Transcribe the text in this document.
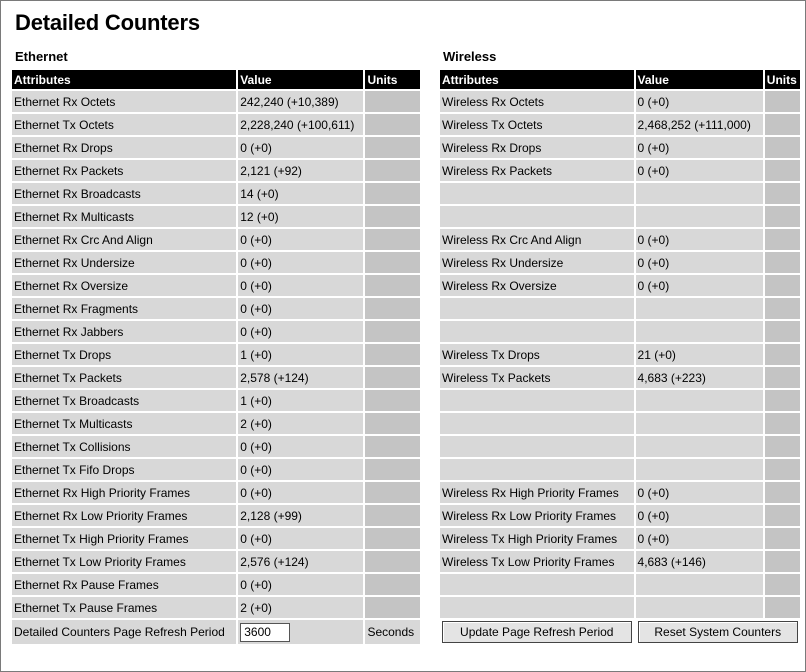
Detailed Counters
Ethernet	Wireless
Attributes	Value	Units
Ethernet Rx Octets	242,240 (+10,389)	
Ethernet Tx Octets	2,228,240 (+100,611)	
Ethernet Rx Drops	0 (+0)	
Ethernet Rx Packets	2,121 (+92)	
Ethernet Rx Broadcasts	14 (+0)	
Ethernet Rx Multicasts	12 (+0)	
Ethernet Rx Crc And Align	0 (+0)	
Ethernet Rx Undersize	0 (+0)	
Ethernet Rx Oversize	0 (+0)	
Ethernet Rx Fragments	0 (+0)	
Ethernet Rx Jabbers	0 (+0)	
Ethernet Tx Drops	1 (+0)	
Ethernet Tx Packets	2,578 (+124)	
Ethernet Tx Broadcasts	1 (+0)	
Ethernet Tx Multicasts	2 (+0)	
Ethernet Tx Collisions	0 (+0)	
Ethernet Tx Fifo Drops	0 (+0)	
Ethernet Rx High Priority Frames	0 (+0)	
Ethernet Rx Low Priority Frames	2,128 (+99)	
Ethernet Tx High Priority Frames	0 (+0)	
Ethernet Tx Low Priority Frames	2,576 (+124)	
Ethernet Rx Pause Frames	0 (+0)	
Ethernet Tx Pause Frames	2 (+0)	
Detailed Counters Page Refresh Period	3600	Seconds
Attributes	Value	Units
Wireless Rx Octets	0 (+0)	
Wireless Tx Octets	2,468,252 (+111,000)	
Wireless Rx Drops	0 (+0)	
Wireless Rx Packets	0 (+0)	

Wireless Rx Crc And Align	0 (+0)	
Wireless Rx Undersize	0 (+0)	
Wireless Rx Oversize	0 (+0)	

Wireless Tx Drops	21 (+0)	
Wireless Tx Packets	4,683 (+223)	

Wireless Rx High Priority Frames	0 (+0)	
Wireless Rx Low Priority Frames	0 (+0)	
Wireless Tx High Priority Frames	0 (+0)	
Wireless Tx Low Priority Frames	4,683 (+146)	

Update Page Refresh Period	Reset System Counters	
